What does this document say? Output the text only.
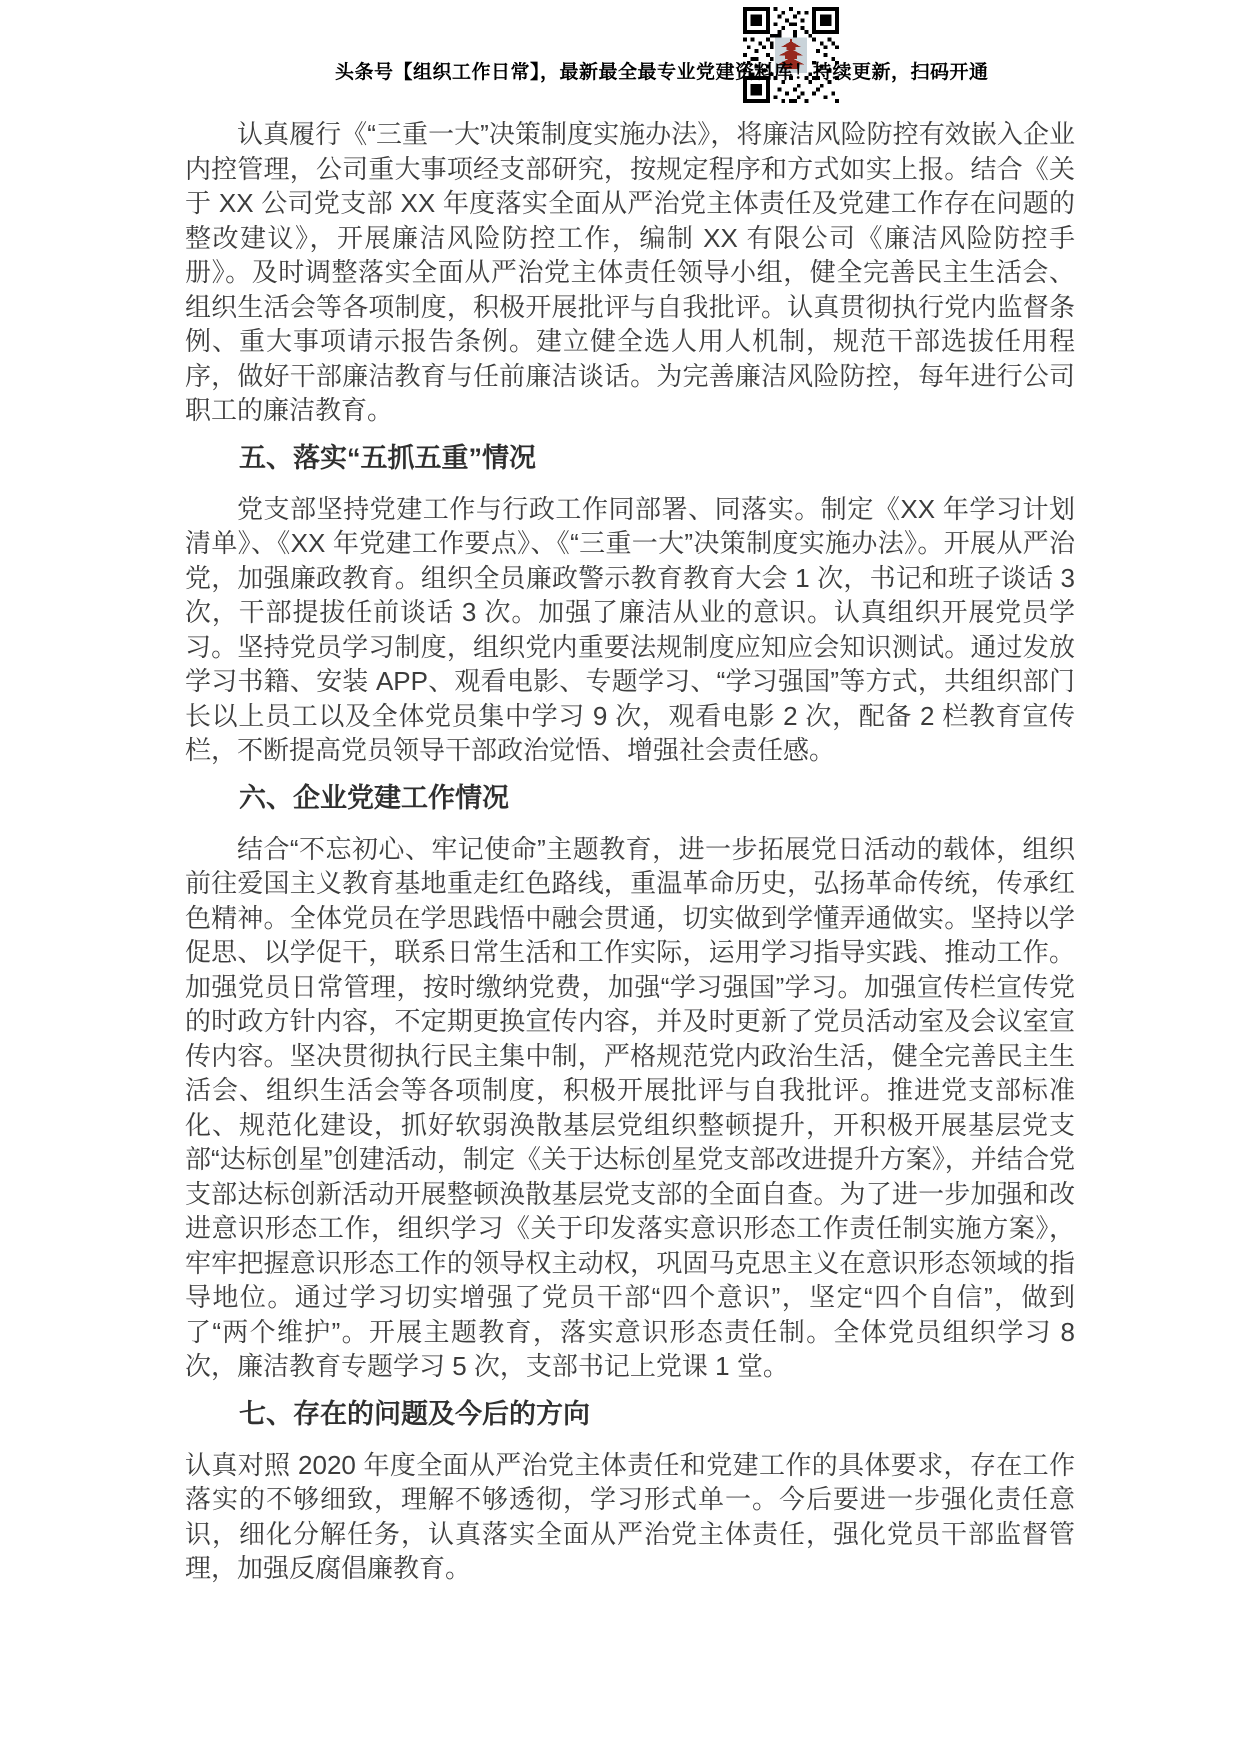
头条号【组织工作日常】，最新最全最专业党建资料库！持续更新，扫码开通

认真履行《“三重一大”决策制度实施办法》，将廉洁风险防控有效嵌入企业内控管理，公司重大事项经支部研究，按规定程序和方式如实上报。结合《关于 XX 公司党支部 XX 年度落实全面从严治党主体责任及党建工作存在问题的整改建议》，开展廉洁风险防控工作，编制 XX 有限公司《廉洁风险防控手册》。及时调整落实全面从严治党主体责任领导小组，健全完善民主生活会、组织生活会等各项制度，积极开展批评与自我批评。认真贯彻执行党内监督条例、重大事项请示报告条例。建立健全选人用人机制，规范干部选拔任用程序，做好干部廉洁教育与任前廉洁谈话。为完善廉洁风险防控，每年进行公司职工的廉洁教育。

五、落实“五抓五重”情况

党支部坚持党建工作与行政工作同部署、同落实。制定《XX 年学习计划清单》、《XX 年党建工作要点》、《“三重一大”决策制度实施办法》。开展从严治党，加强廉政教育。组织全员廉政警示教育教育大会 1 次，书记和班子谈话 3 次，干部提拔任前谈话 3 次。加强了廉洁从业的意识。认真组织开展党员学习。坚持党员学习制度，组织党内重要法规制度应知应会知识测试。通过发放学习书籍、安装 APP、观看电影、专题学习、“学习强国”等方式，共组织部门长以上员工以及全体党员集中学习 9 次，观看电影 2 次，配备 2 栏教育宣传栏，不断提高党员领导干部政治觉悟、增强社会责任感。

六、企业党建工作情况

结合“不忘初心、牢记使命”主题教育，进一步拓展党日活动的载体，组织前往爱国主义教育基地重走红色路线，重温革命历史，弘扬革命传统，传承红色精神。全体党员在学思践悟中融会贯通，切实做到学懂弄通做实。坚持以学促思、以学促干，联系日常生活和工作实际，运用学习指导实践、推动工作。加强党员日常管理，按时缴纳党费，加强“学习强国”学习。加强宣传栏宣传党的时政方针内容，不定期更换宣传内容，并及时更新了党员活动室及会议室宣传内容。坚决贯彻执行民主集中制，严格规范党内政治生活，健全完善民主生活会、组织生活会等各项制度，积极开展批评与自我批评。推进党支部标准化、规范化建设，抓好软弱涣散基层党组织整顿提升，开积极开展基层党支部“达标创星”创建活动，制定《关于达标创星党支部改进提升方案》，并结合党支部达标创新活动开展整顿涣散基层党支部的全面自查。为了进一步加强和改进意识形态工作，组织学习《关于印发落实意识形态工作责任制实施方案》，牢牢把握意识形态工作的领导权主动权，巩固马克思主义在意识形态领域的指导地位。通过学习切实增强了党员干部“四个意识”，坚定“四个自信”，做到了“两个维护”。开展主题教育，落实意识形态责任制。全体党员组织学习 8 次，廉洁教育专题学习 5 次，支部书记上党课 1 堂。

七、存在的问题及今后的方向

认真对照 2020 年度全面从严治党主体责任和党建工作的具体要求，存在工作落实的不够细致，理解不够透彻，学习形式单一。今后要进一步强化责任意识，细化分解任务，认真落实全面从严治党主体责任，强化党员干部监督管理，加强反腐倡廉教育。
